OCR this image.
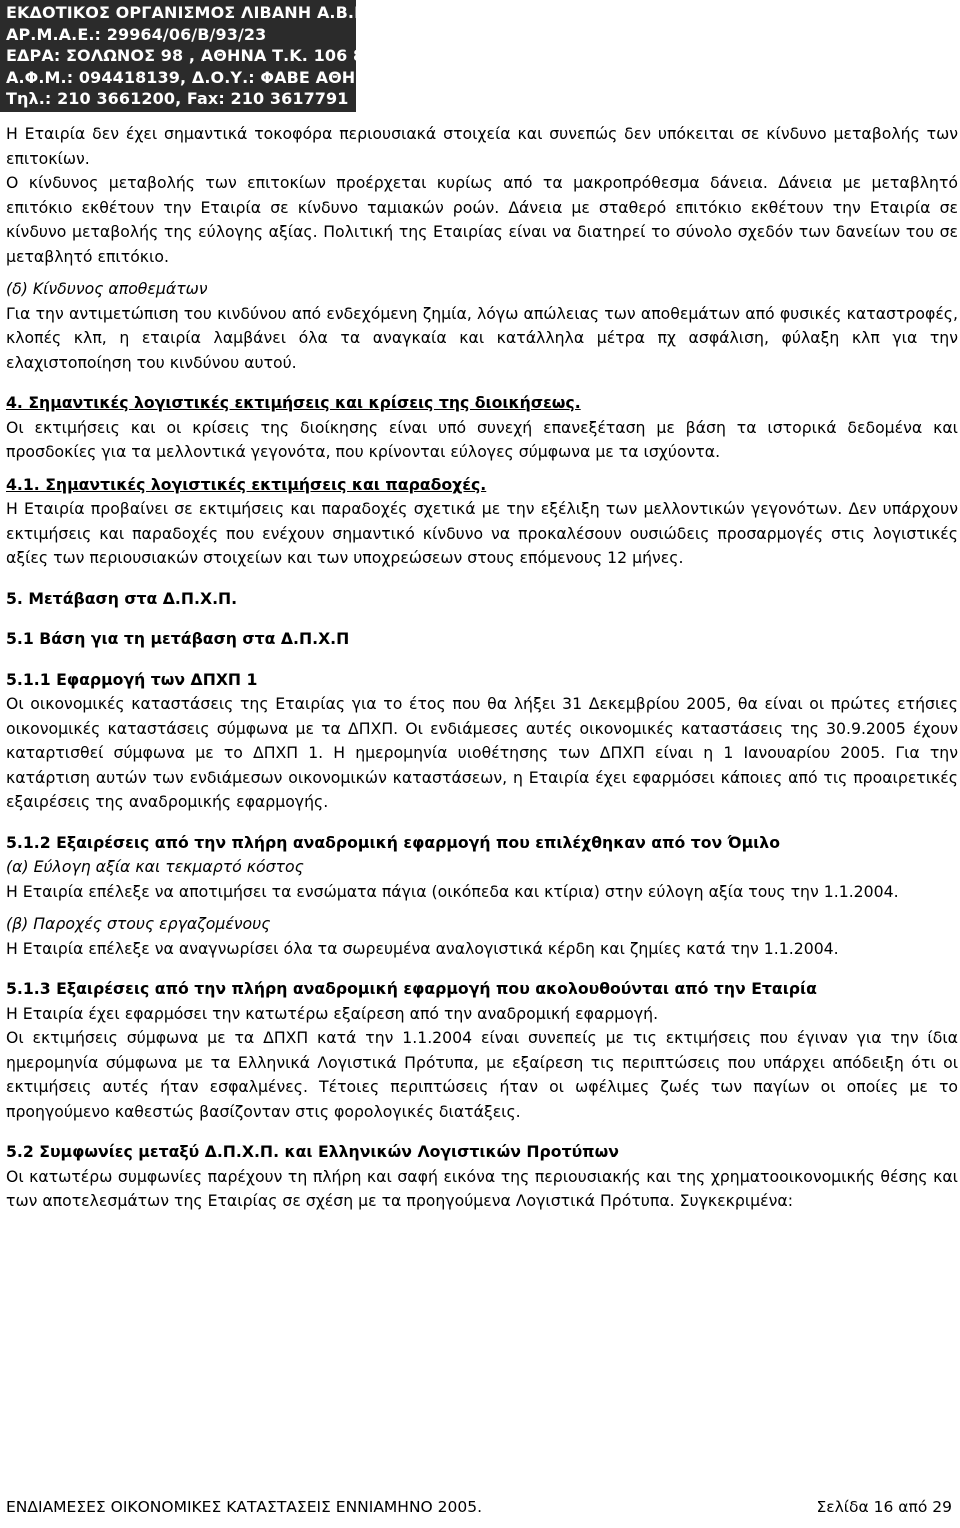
ΕΚΔΟΤΙΚΟΣ ΟΡΓΑΝΙΣΜΟΣ ΛΙΒΑΝΗ Α.Β.Ε.
ΑΡ.Μ.Α.Ε.: 29964/06/Β/93/23
ΕΔΡΑ: ΣΟΛΩΝΟΣ 98 , ΑΘΗΝΑ Τ.Κ. 106 80
Α.Φ.Μ.: 094418139, Δ.Ο.Υ.: ΦΑΒΕ ΑΘΗΝΩΝ
Τηλ.: 210 3661200, Fax: 210 3617791

Η Εταιρία δεν έχει σημαντικά τοκοφόρα περιουσιακά στοιχεία και συνεπώς δεν υπόκειται σε κίνδυνο μεταβολής των επιτοκίων.

Ο κίνδυνος μεταβολής των επιτοκίων προέρχεται κυρίως από τα μακροπρόθεσμα δάνεια. Δάνεια με μεταβλητό επιτόκιο εκθέτουν την Εταιρία σε κίνδυνο ταμιακών ροών. Δάνεια με σταθερό επιτόκιο εκθέτουν την Εταιρία σε κίνδυνο μεταβολής της εύλογης αξίας. Πολιτική της Εταιρίας είναι να διατηρεί το σύνολο σχεδόν των δανείων του σε μεταβλητό επιτόκιο.

(δ) Κίνδυνος αποθεμάτων

Για την αντιμετώπιση του κινδύνου από ενδεχόμενη ζημία, λόγω απώλειας των αποθεμάτων από φυσικές καταστροφές, κλοπές κλπ, η εταιρία λαμβάνει όλα τα αναγκαία και κατάλληλα μέτρα πχ ασφάλιση, φύλαξη κλπ για την ελαχιστοποίηση του κινδύνου αυτού.

4. Σημαντικές λογιστικές εκτιμήσεις και κρίσεις της διοικήσεως.

Οι εκτιμήσεις και οι κρίσεις της διοίκησης είναι υπό συνεχή επανεξέταση με βάση τα ιστορικά δεδομένα και προσδοκίες για τα μελλοντικά γεγονότα, που κρίνονται εύλογες σύμφωνα με τα ισχύοντα.

4.1. Σημαντικές λογιστικές εκτιμήσεις και παραδοχές.

Η Εταιρία προβαίνει σε εκτιμήσεις και παραδοχές σχετικά με την εξέλιξη των μελλοντικών γεγονότων. Δεν υπάρχουν εκτιμήσεις και παραδοχές που ενέχουν σημαντικό κίνδυνο να προκαλέσουν ουσιώδεις προσαρμογές στις λογιστικές αξίες των περιουσιακών στοιχείων και των υποχρεώσεων στους επόμενους 12 μήνες.

5. Μετάβαση στα Δ.Π.Χ.Π.

5.1 Βάση για τη μετάβαση στα Δ.Π.Χ.Π

5.1.1 Εφαρμογή των ΔΠΧΠ 1

Οι οικονομικές καταστάσεις της Εταιρίας για το έτος που θα λήξει 31 Δεκεμβρίου 2005, θα είναι οι πρώτες ετήσιες οικονομικές καταστάσεις σύμφωνα με τα ΔΠΧΠ. Οι ενδιάμεσες αυτές οικονομικές καταστάσεις της 30.9.2005 έχουν καταρτισθεί σύμφωνα με το ΔΠΧΠ 1. Η ημερομηνία υιοθέτησης των ΔΠΧΠ είναι η 1 Ιανουαρίου 2005. Για την κατάρτιση αυτών των ενδιάμεσων οικονομικών καταστάσεων, η Εταιρία έχει εφαρμόσει κάποιες από τις προαιρετικές εξαιρέσεις της αναδρομικής εφαρμογής.

5.1.2 Εξαιρέσεις από την πλήρη αναδρομική εφαρμογή που επιλέχθηκαν από τον Όμιλο

(α) Εύλογη αξία και τεκμαρτό κόστος

Η Εταιρία επέλεξε να αποτιμήσει τα ενσώματα πάγια (οικόπεδα και κτίρια) στην εύλογη αξία τους την 1.1.2004.

(β) Παροχές στους εργαζομένους

Η Εταιρία επέλεξε να αναγνωρίσει όλα τα σωρευμένα αναλογιστικά κέρδη και ζημίες κατά την 1.1.2004.

5.1.3 Εξαιρέσεις από την πλήρη αναδρομική εφαρμογή που ακολουθούνται από την Εταιρία

Η Εταιρία έχει εφαρμόσει την κατωτέρω εξαίρεση από την αναδρομική εφαρμογή.

Οι εκτιμήσεις σύμφωνα με τα ΔΠΧΠ κατά την 1.1.2004 είναι συνεπείς με τις εκτιμήσεις που έγιναν για την ίδια ημερομηνία σύμφωνα με τα Ελληνικά Λογιστικά Πρότυπα, με εξαίρεση τις περιπτώσεις που υπάρχει απόδειξη ότι οι εκτιμήσεις αυτές ήταν εσφαλμένες. Τέτοιες περιπτώσεις ήταν οι ωφέλιμες ζωές των παγίων οι οποίες με το προηγούμενο καθεστώς βασίζονταν στις φορολογικές διατάξεις.

5.2 Συμφωνίες μεταξύ Δ.Π.Χ.Π. και Ελληνικών Λογιστικών Προτύπων

Οι κατωτέρω συμφωνίες παρέχουν τη πλήρη και σαφή εικόνα της περιουσιακής και της χρηματοοικονομικής θέσης και των αποτελεσμάτων της Εταιρίας σε σχέση με τα προηγούμενα Λογιστικά Πρότυπα. Συγκεκριμένα:

ΕΝΔΙΑΜΕΣΕΣ ΟΙΚΟΝΟΜΙΚΕΣ ΚΑΤΑΣΤΑΣΕΙΣ ΕΝΝΙΑΜΗΝΟ 2005.	Σελίδα 16 από 29
